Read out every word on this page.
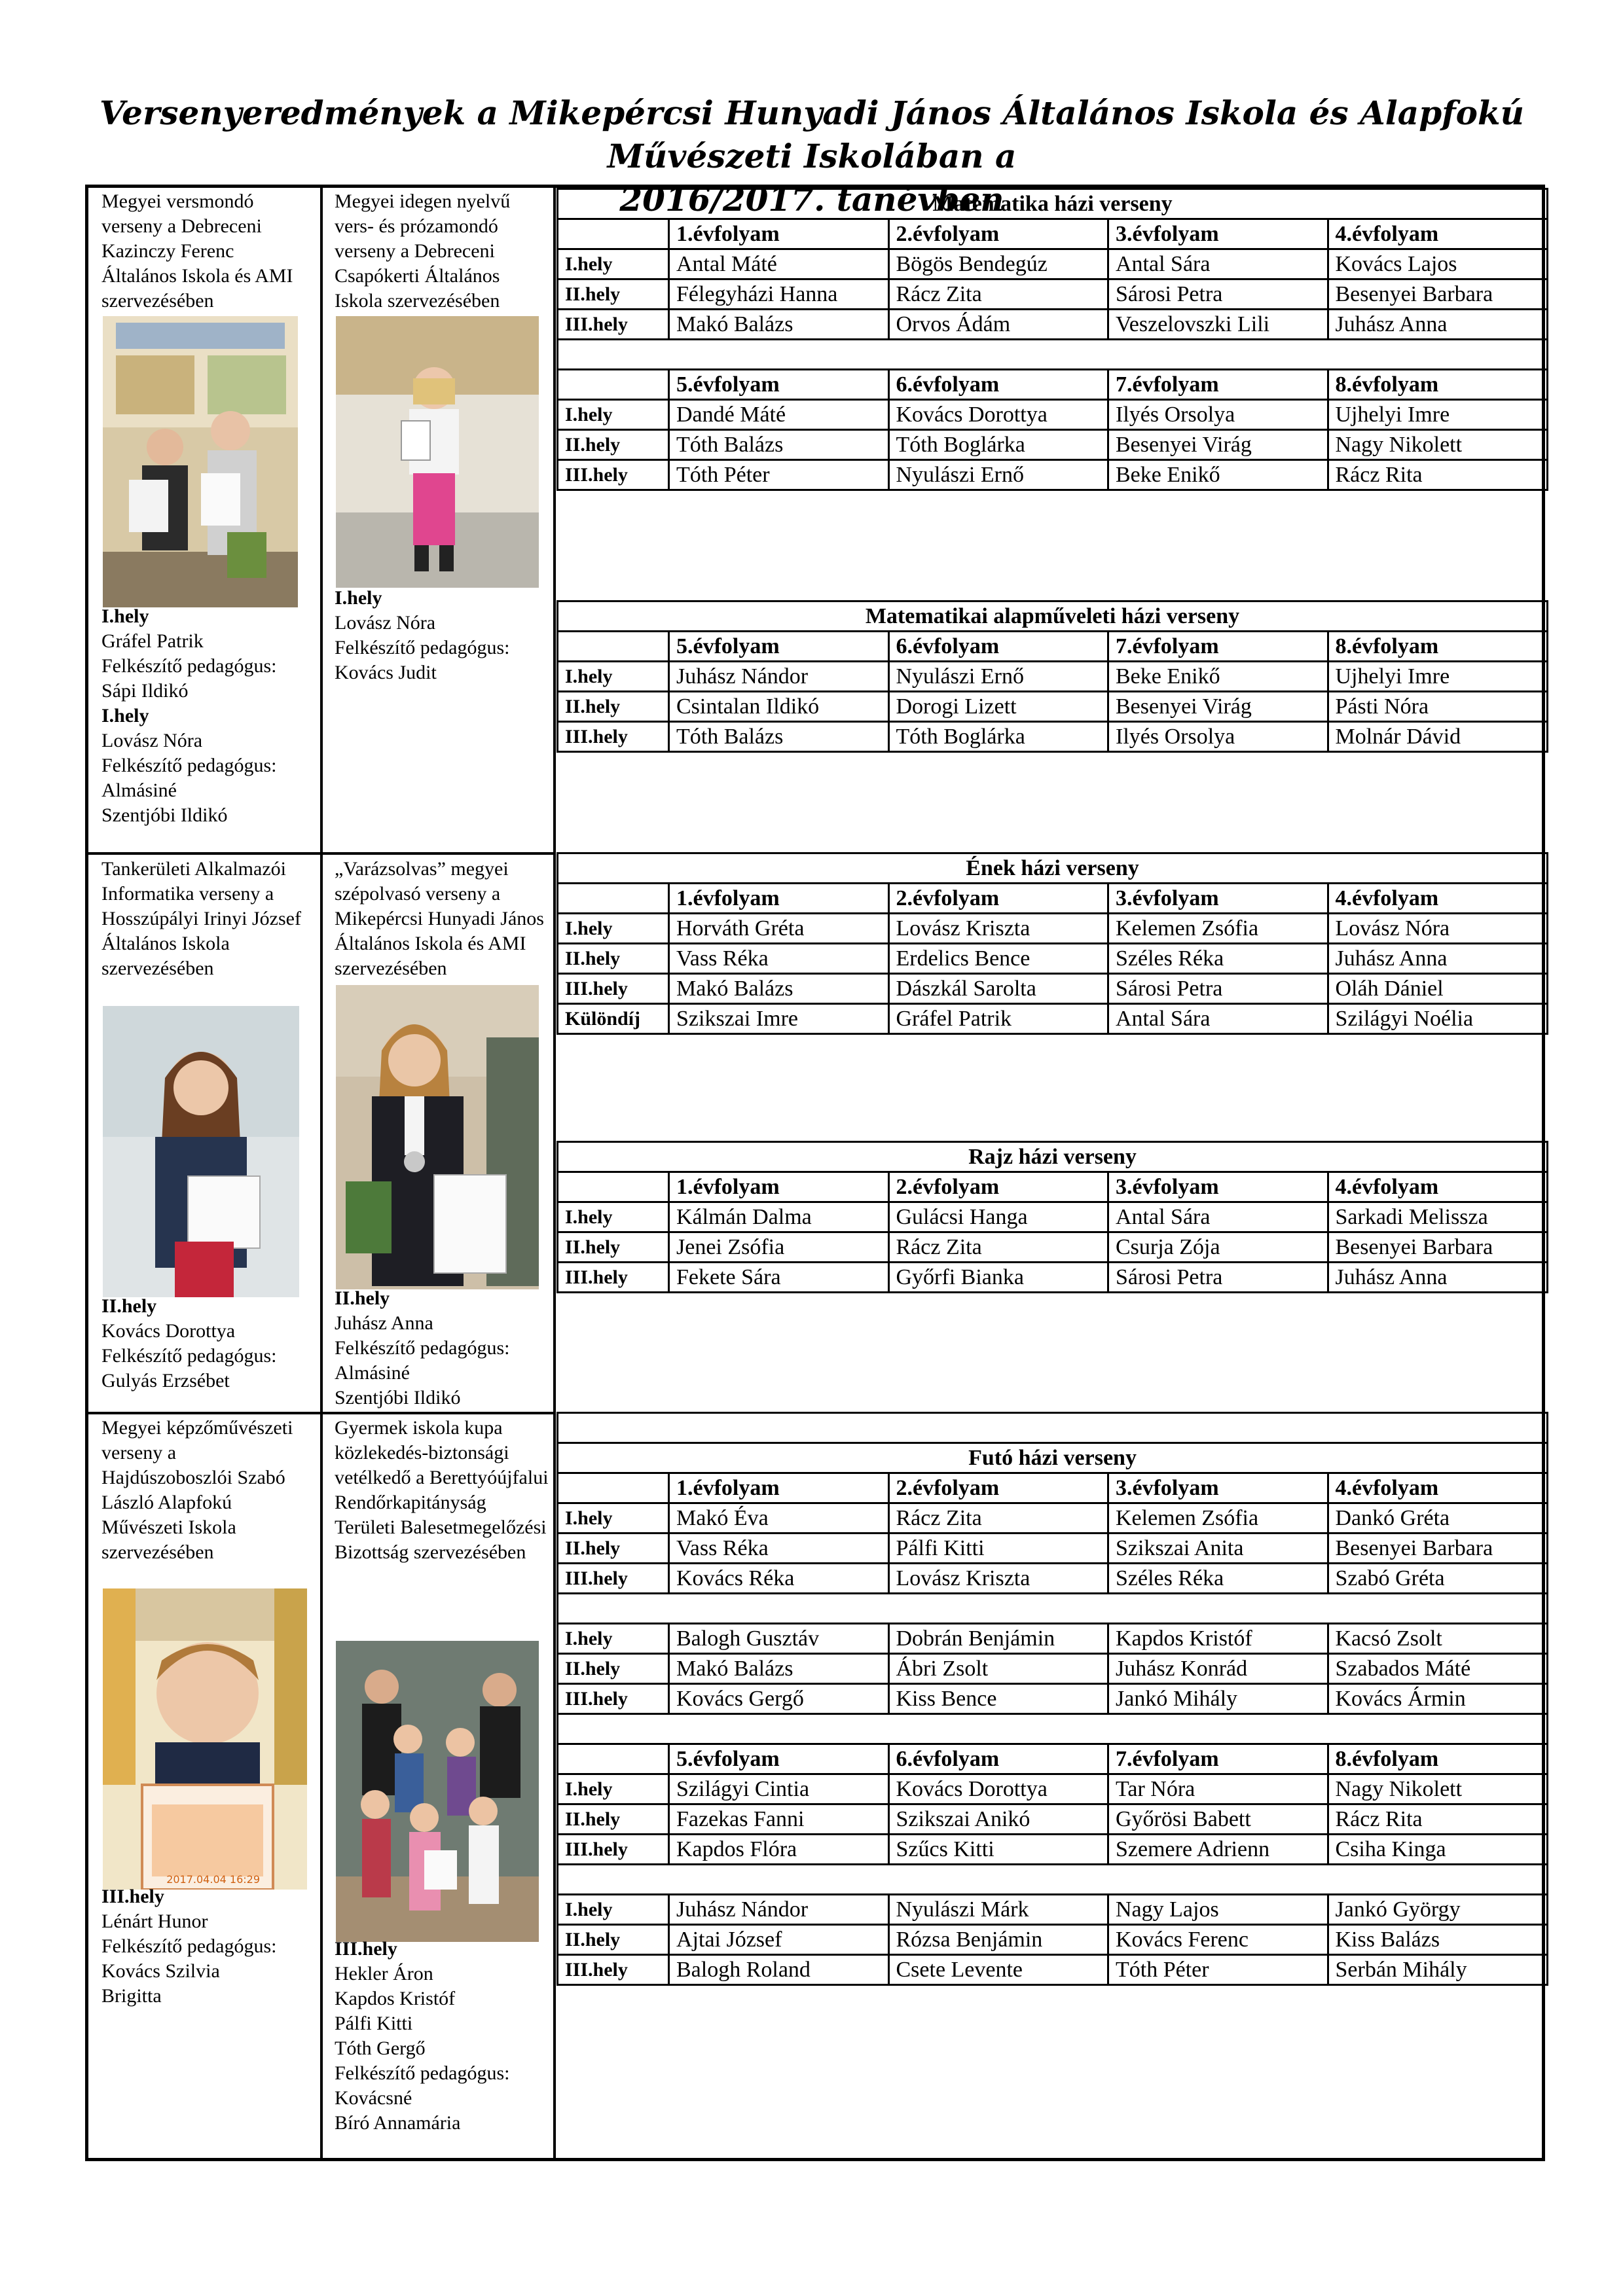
Versenyeredmények a Mikepércsi Hunyadi János Általános Iskola és Alapfokú Művészeti Iskolában a
2016/2017. tanévben
Megyei versmondó verseny a Debreceni Kazinczy Ferenc Általános Iskola és AMI szervezésében
I.hely
Gráfel Patrik
Felkészítő pedagógus:
Sápi Ildikó
I.hely
Lovász Nóra
Felkészítő pedagógus:
Almásiné
Szentjóbi Ildikó
Megyei idegen nyelvű vers- és prózamondó verseny a Debreceni Csapókerti Általános Iskola szervezésében
I.hely
Lovász Nóra
Felkészítő pedagógus:
Kovács Judit
Tankerületi Alkalmazói Informatika verseny a Hosszúpályi Irinyi József Általános Iskola szervezésében
II.hely
Kovács Dorottya
Felkészítő pedagógus:
Gulyás Erzsébet
„Varázsolvas” megyei szépolvasó verseny a Mikepércsi Hunyadi János Általános Iskola és AMI szervezésében
II.hely
Juhász Anna
Felkészítő pedagógus:
Almásiné
Szentjóbi Ildikó
Megyei képzőművészeti verseny a Hajdúszoboszlói Szabó László Alapfokú Művészeti Iskola szervezésében
2017.04.04 16:29
III.hely
Lénárt Hunor
Felkészítő pedagógus:
Kovács Szilvia
Brigitta
Gyermek iskola kupa közlekedés-biztonsági vetélkedő a Berettyóújfalui Rendőrkapitányság Területi Balesetmegelőzési Bizottság szervezésében
III.hely
Hekler Áron
Kapdos Kristóf
Pálfi Kitti
Tóth Gergő
Felkészítő pedagógus:
Kovácsné
Bíró Annamária
Matematika házi verseny				
	1.évfolyam	2.évfolyam	3.évfolyam	4.évfolyam
I.hely	Antal Máté	Bögös Bendegúz	Antal Sára	Kovács Lajos
II.hely	Félegyházi Hanna	Rácz Zita	Sárosi Petra	Besenyei Barbara
III.hely	Makó Balázs	Orvos Ádám	Veszelovszki Lili	Juhász Anna

	5.évfolyam	6.évfolyam	7.évfolyam	8.évfolyam
I.hely	Dandé Máté	Kovács Dorottya	Ilyés Orsolya	Ujhelyi Imre
II.hely	Tóth Balázs	Tóth Boglárka	Besenyei Virág	Nagy Nikolett
III.hely	Tóth Péter	Nyulászi Ernő	Beke Enikő	Rácz Rita
Matematikai alapműveleti házi verseny				
	5.évfolyam	6.évfolyam	7.évfolyam	8.évfolyam
I.hely	Juhász Nándor	Nyulászi Ernő	Beke Enikő	Ujhelyi Imre
II.hely	Csintalan Ildikó	Dorogi Lizett	Besenyei Virág	Pásti Nóra
III.hely	Tóth Balázs	Tóth Boglárka	Ilyés Orsolya	Molnár Dávid
Ének házi verseny				
	1.évfolyam	2.évfolyam	3.évfolyam	4.évfolyam
I.hely	Horváth Gréta	Lovász Kriszta	Kelemen Zsófia	Lovász Nóra
II.hely	Vass Réka	Erdelics Bence	Széles Réka	Juhász Anna
III.hely	Makó Balázs	Dászkál Sarolta	Sárosi Petra	Oláh Dániel
Különdíj	Szikszai Imre	Gráfel Patrik	Antal Sára	Szilágyi Noélia
Rajz házi verseny				
	1.évfolyam	2.évfolyam	3.évfolyam	4.évfolyam
I.hely	Kálmán Dalma	Gulácsi Hanga	Antal Sára	Sarkadi Melissza
II.hely	Jenei Zsófia	Rácz Zita	Csurja Zója	Besenyei Barbara
III.hely	Fekete Sára	Győrfi Bianka	Sárosi Petra	Juhász Anna

Futó házi verseny				
	1.évfolyam	2.évfolyam	3.évfolyam	4.évfolyam
I.hely	Makó Éva	Rácz Zita	Kelemen Zsófia	Dankó Gréta
II.hely	Vass Réka	Pálfi Kitti	Szikszai Anita	Besenyei Barbara
III.hely	Kovács Réka	Lovász Kriszta	Széles Réka	Szabó Gréta

I.hely	Balogh Gusztáv	Dobrán Benjámin	Kapdos Kristóf	Kacsó Zsolt
II.hely	Makó Balázs	Ábri Zsolt	Juhász Konrád	Szabados Máté
III.hely	Kovács Gergő	Kiss Bence	Jankó Mihály	Kovács Ármin

	5.évfolyam	6.évfolyam	7.évfolyam	8.évfolyam
I.hely	Szilágyi Cintia	Kovács Dorottya	Tar Nóra	Nagy Nikolett
II.hely	Fazekas Fanni	Szikszai Anikó	Győrösi Babett	Rácz Rita
III.hely	Kapdos Flóra	Szűcs Kitti	Szemere Adrienn	Csiha Kinga

I.hely	Juhász Nándor	Nyulászi Márk	Nagy Lajos	Jankó György
II.hely	Ajtai József	Rózsa Benjámin	Kovács Ferenc	Kiss Balázs
III.hely	Balogh Roland	Csete Levente	Tóth Péter	Serbán Mihály
